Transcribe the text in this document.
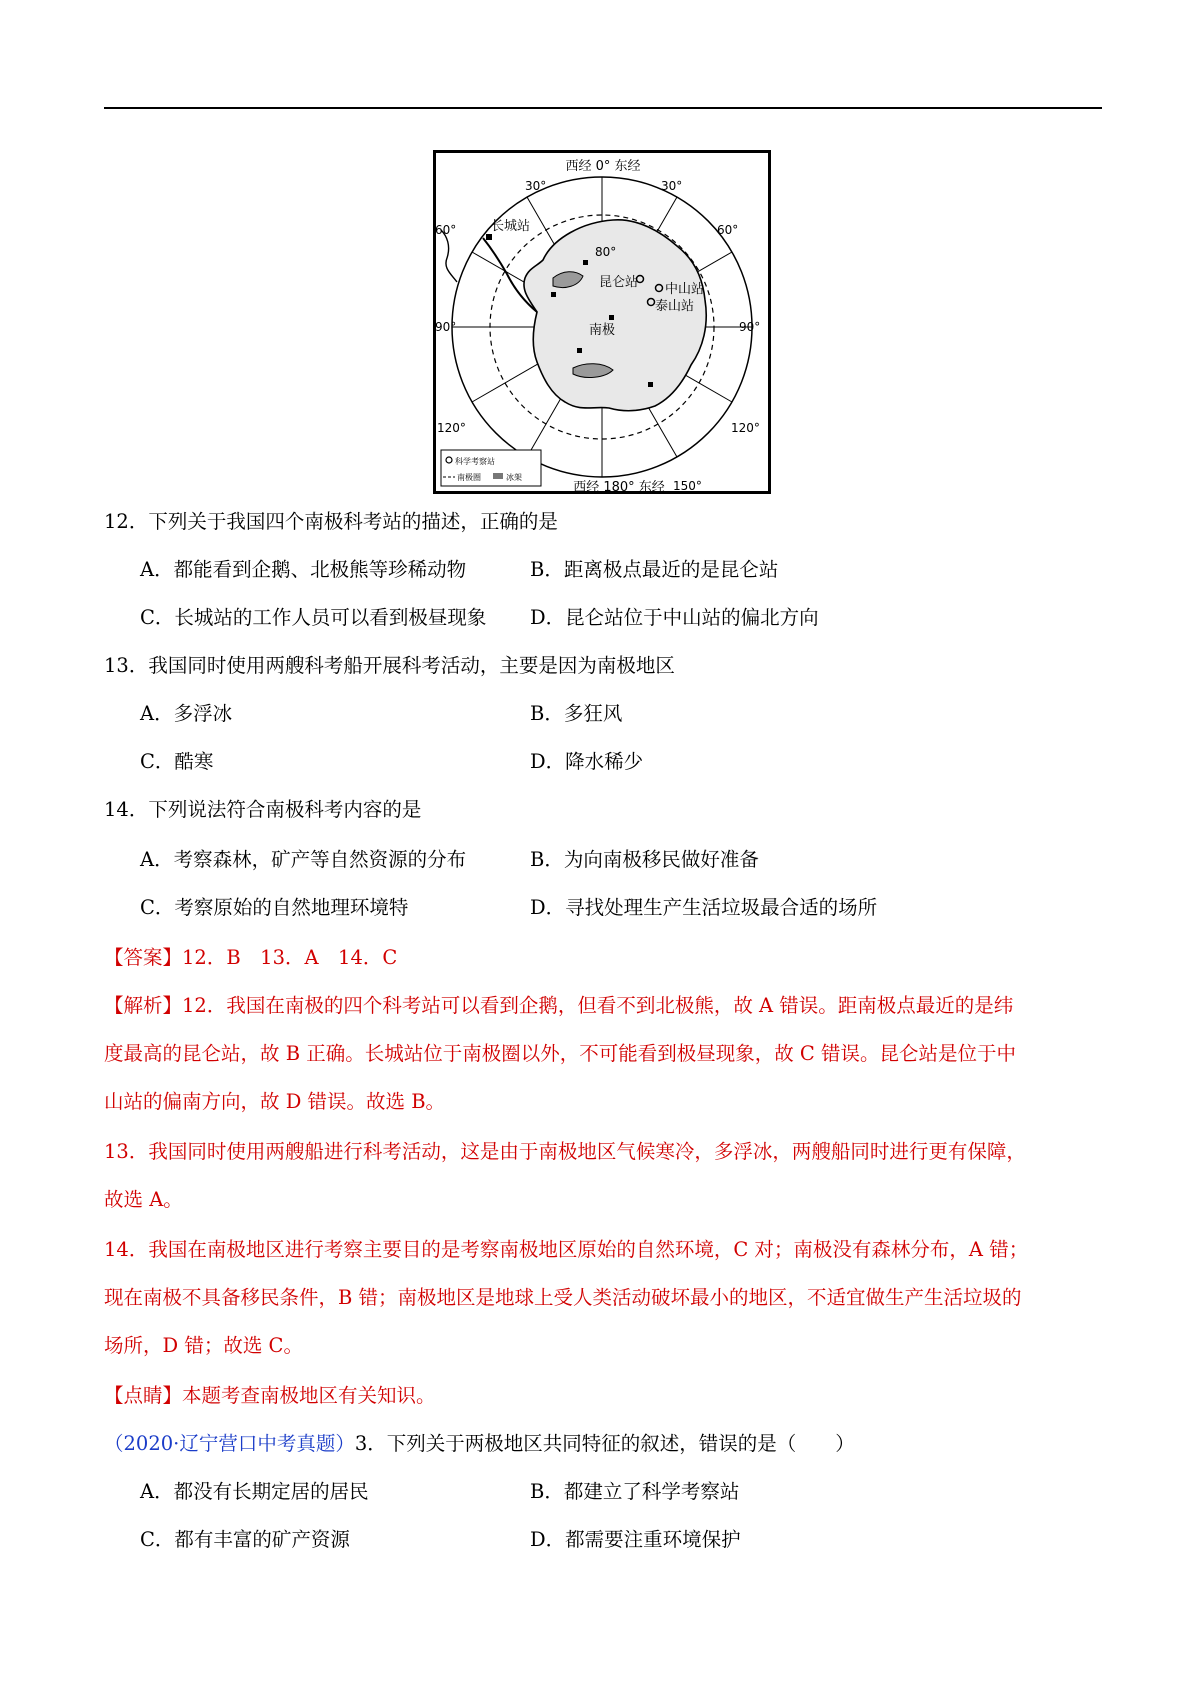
西经 0° 东经
西经 180° 东经
30°	30°
60°	60°
90°	90°
120°	120°
150°
80°
长城站
昆仑站 中山站
泰山站
南极
科学考察站
南极圈	冰架
12．下列关于我国四个南极科考站的描述，正确的是
A．都能看到企鹅、北极熊等珍稀动物	B．距离极点最近的是昆仑站
C．长城站的工作人员可以看到极昼现象 D．昆仑站位于中山站的偏北方向
13．我国同时使用两艘科考船开展科考活动，主要是因为南极地区
A．多浮冰	B．多狂风
C．酷寒	D．降水稀少
14．下列说法符合南极科考内容的是
A．考察森林，矿产等自然资源的分布	B．为向南极移民做好准备
C．考察原始的自然地理环境特	D．寻找处理生产生活垃圾最合适的场所
【答案】12．B　13．A　14．C
【解析】12．我国在南极的四个科考站可以看到企鹅，但看不到北极熊，故 A 错误。距南极点最近的是纬
度最高的昆仑站，故 B 正确。长城站位于南极圈以外，不可能看到极昼现象，故 C 错误。昆仑站是位于中
山站的偏南方向，故 D 错误。故选 B。
13．我国同时使用两艘船进行科考活动，这是由于南极地区气候寒冷，多浮冰，两艘船同时进行更有保障，
故选 A。
14．我国在南极地区进行考察主要目的是考察南极地区原始的自然环境，C 对；南极没有森林分布，A 错；
现在南极不具备移民条件，B 错；南极地区是地球上受人类活动破坏最小的地区，不适宜做生产生活垃圾的
场所，D 错；故选 C。
【点睛】本题考查南极地区有关知识。
（2020·辽宁营口中考真题）3．下列关于两极地区共同特征的叙述，错误的是（　　）
A．都没有长期定居的居民	B．都建立了科学考察站
C．都有丰富的矿产资源	D．都需要注重环境保护
